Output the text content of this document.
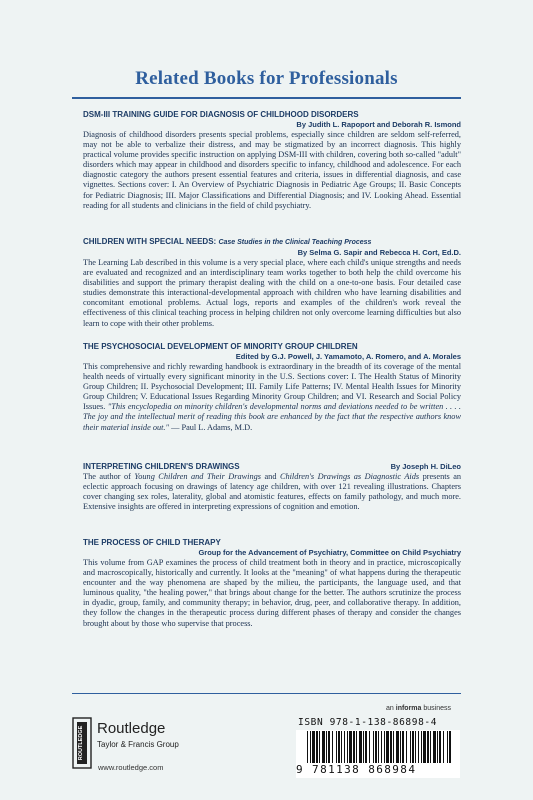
Related Books for Professionals
DSM-III TRAINING GUIDE FOR DIAGNOSIS OF CHILDHOOD DISORDERS
By Judith L. Rapoport and Deborah R. Ismond

Diagnosis of childhood disorders presents special problems, especially since children are seldom self-referred, may not be able to verbalize their distress, and may be stigmatized by an incorrect diagnosis. This highly practical volume provides specific instruction on applying DSM-III with children, covering both so-called "adult" disorders which may appear in childhood and disorders specific to infancy, childhood and adolescence. For each diagnostic category the authors present essential features and criteria, issues in differential diagnosis, and case vignettes. Sections cover: I. An Overview of Psychiatric Diagnosis in Pediatric Age Groups; II. Basic Concepts for Pediatric Diagnosis; III. Major Classifications and Differential Diagnosis; and IV. Looking Ahead. Essential reading for all students and clinicians in the field of child psychiatry.

CHILDREN WITH SPECIAL NEEDS: Case Studies in the Clinical Teaching Process
By Selma G. Sapir and Rebecca H. Cort, Ed.D.

The Learning Lab described in this volume is a very special place, where each child's unique strengths and needs are evaluated and recognized and an interdisciplinary team works together to both help the child overcome his disabilities and support the primary therapist dealing with the child on a one-to-one basis. Four detailed case studies demonstrate this interactional-developmental approach with children who have learning disabilities and concomitant emotional problems. Actual logs, reports and examples of the children's work reveal the effectiveness of this clinical teaching process in helping children not only overcome learning difficulties but also learn to cope with their other problems.

THE PSYCHOSOCIAL DEVELOPMENT OF MINORITY GROUP CHILDREN
Edited by G.J. Powell, J. Yamamoto, A. Romero, and A. Morales

This comprehensive and richly rewarding handbook is extraordinary in the breadth of its coverage of the mental health needs of virtually every significant minority in the U.S. Sections cover: I. The Health Status of Minority Group Children; II. Psychosocial Development; III. Family Life Patterns; IV. Mental Health Issues for Minority Group Children; V. Educational Issues Regarding Minority Group Children; and VI. Research and Social Policy Issues. "This encyclopedia on minority children's developmental norms and deviations needed to be written . . . . The joy and the intellectual merit of reading this book are enhanced by the fact that the respective authors know their material inside out." — Paul L. Adams, M.D.

INTERPRETING CHILDREN'S DRAWINGS	By Joseph H. DiLeo

The author of Young Children and Their Drawings and Children's Drawings as Diagnostic Aids presents an eclectic approach focusing on drawings of latency age children, with over 121 revealing illustrations. Chapters cover changing sex roles, laterality, global and atomistic features, effects on family pathology, and much more. Extensive insights are offered in interpreting expressions of cognition and emotion.

THE PROCESS OF CHILD THERAPY
Group for the Advancement of Psychiatry, Committee on Child Psychiatry

This volume from GAP examines the process of child treatment both in theory and in practice, microscopically and macroscopically, historically and currently. It looks at the "meaning" of what happens during the therapeutic encounter and the way phenomena are shaped by the milieu, the participants, the language used, and that luminous quality, "the healing power," that brings about change for the better. The authors scrutinize the process in dyadic, group, family, and community therapy; in behavior, drug, peer, and collaborative therapy. In addition, they follow the changes in the therapeutic process during different phases of therapy and consider the changes brought about by those who supervise that process.

an informa business
ISBN 978-1-138-86898-4
9 781138 868984
ROUTLEDGE Routledge
Taylor & Francis Group
www.routledge.com
